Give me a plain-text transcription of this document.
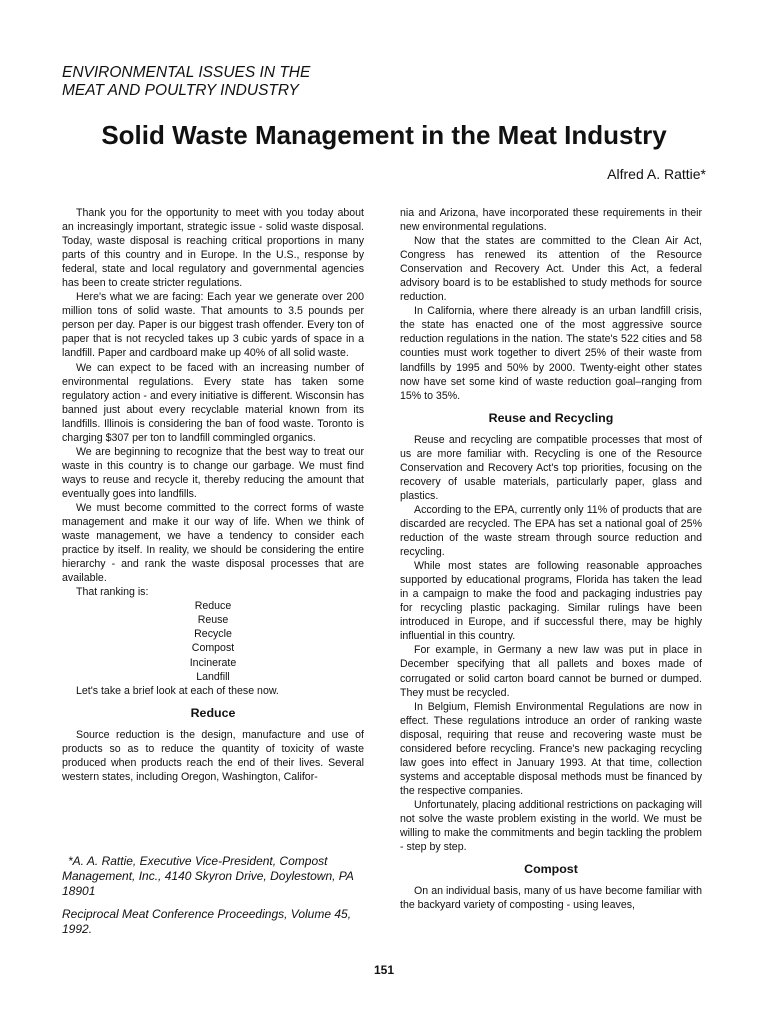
ENVIRONMENTAL ISSUES IN THE
MEAT AND POULTRY INDUSTRY
Solid Waste Management in the Meat Industry
Alfred A. Rattie*

Thank you for the opportunity to meet with you today about an increasingly important, strategic issue - solid waste disposal. Today, waste disposal is reaching critical proportions in many parts of this country and in Europe. In the U.S., response by federal, state and local regulatory and governmental agencies has been to create stricter regulations.

Here's what we are facing: Each year we generate over 200 million tons of solid waste. That amounts to 3.5 pounds per person per day. Paper is our biggest trash offender. Every ton of paper that is not recycled takes up 3 cubic yards of space in a landfill. Paper and cardboard make up 40% of all solid waste.

We can expect to be faced with an increasing number of environmental regulations. Every state has taken some regulatory action - and every initiative is different. Wisconsin has banned just about every recyclable material known from its landfills. Illinois is considering the ban of food waste. Toronto is charging $307 per ton to landfill commingled organics.

We are beginning to recognize that the best way to treat our waste in this country is to change our garbage. We must find ways to reuse and recycle it, thereby reducing the amount that eventually goes into landfills.

We must become committed to the correct forms of waste management and make it our way of life. When we think of waste management, we have a tendency to consider each practice by itself. In reality, we should be considering the entire hierarchy - and rank the waste disposal processes that are available.

That ranking is:

Reduce
Reuse
Recycle
Compost
Incinerate
Landfill

Let's take a brief look at each of these now.

Reduce

Source reduction is the design, manufacture and use of products so as to reduce the quantity of toxicity of waste produced when products reach the end of their lives. Several western states, including Oregon, Washington, Califor-

nia and Arizona, have incorporated these requirements in their new environmental regulations.

Now that the states are committed to the Clean Air Act, Congress has renewed its attention of the Resource Conservation and Recovery Act. Under this Act, a federal advisory board is to be established to study methods for source reduction.

In California, where there already is an urban landfill crisis, the state has enacted one of the most aggressive source reduction regulations in the nation. The state's 522 cities and 58 counties must work together to divert 25% of their waste from landfills by 1995 and 50% by 2000. Twenty-eight other states now have set some kind of waste reduction goal–ranging from 15% to 35%.

Reuse and Recycling

Reuse and recycling are compatible processes that most of us are more familiar with. Recycling is one of the Resource Conservation and Recovery Act's top priorities, focusing on the recovery of usable materials, particularly paper, glass and plastics.

According to the EPA, currently only 11% of products that are discarded are recycled. The EPA has set a national goal of 25% reduction of the waste stream through source reduction and recycling.

While most states are following reasonable approaches supported by educational programs, Florida has taken the lead in a campaign to make the food and packaging industries pay for recycling plastic packaging. Similar rulings have been introduced in Europe, and if successful there, may be highly influential in this country.

For example, in Germany a new law was put in place in December specifying that all pallets and boxes made of corrugated or solid carton board cannot be burned or dumped. They must be recycled.

In Belgium, Flemish Environmental Regulations are now in effect. These regulations introduce an order of ranking waste disposal, requiring that reuse and recovering waste must be considered before recycling. France's new packaging recycling law goes into effect in January 1993. At that time, collection systems and acceptable disposal methods must be financed by the respective companies.

Unfortunately, placing additional restrictions on packaging will not solve the waste problem existing in the world. We must be willing to make the commitments and begin tackling the problem - step by step.

Compost

On an individual basis, many of us have become familiar with the backyard variety of composting - using leaves,

*A. A. Rattie, Executive Vice-President, Compost Management, Inc., 4140 Skyron Drive, Doylestown, PA 18901

Reciprocal Meat Conference Proceedings, Volume 45, 1992.

151
